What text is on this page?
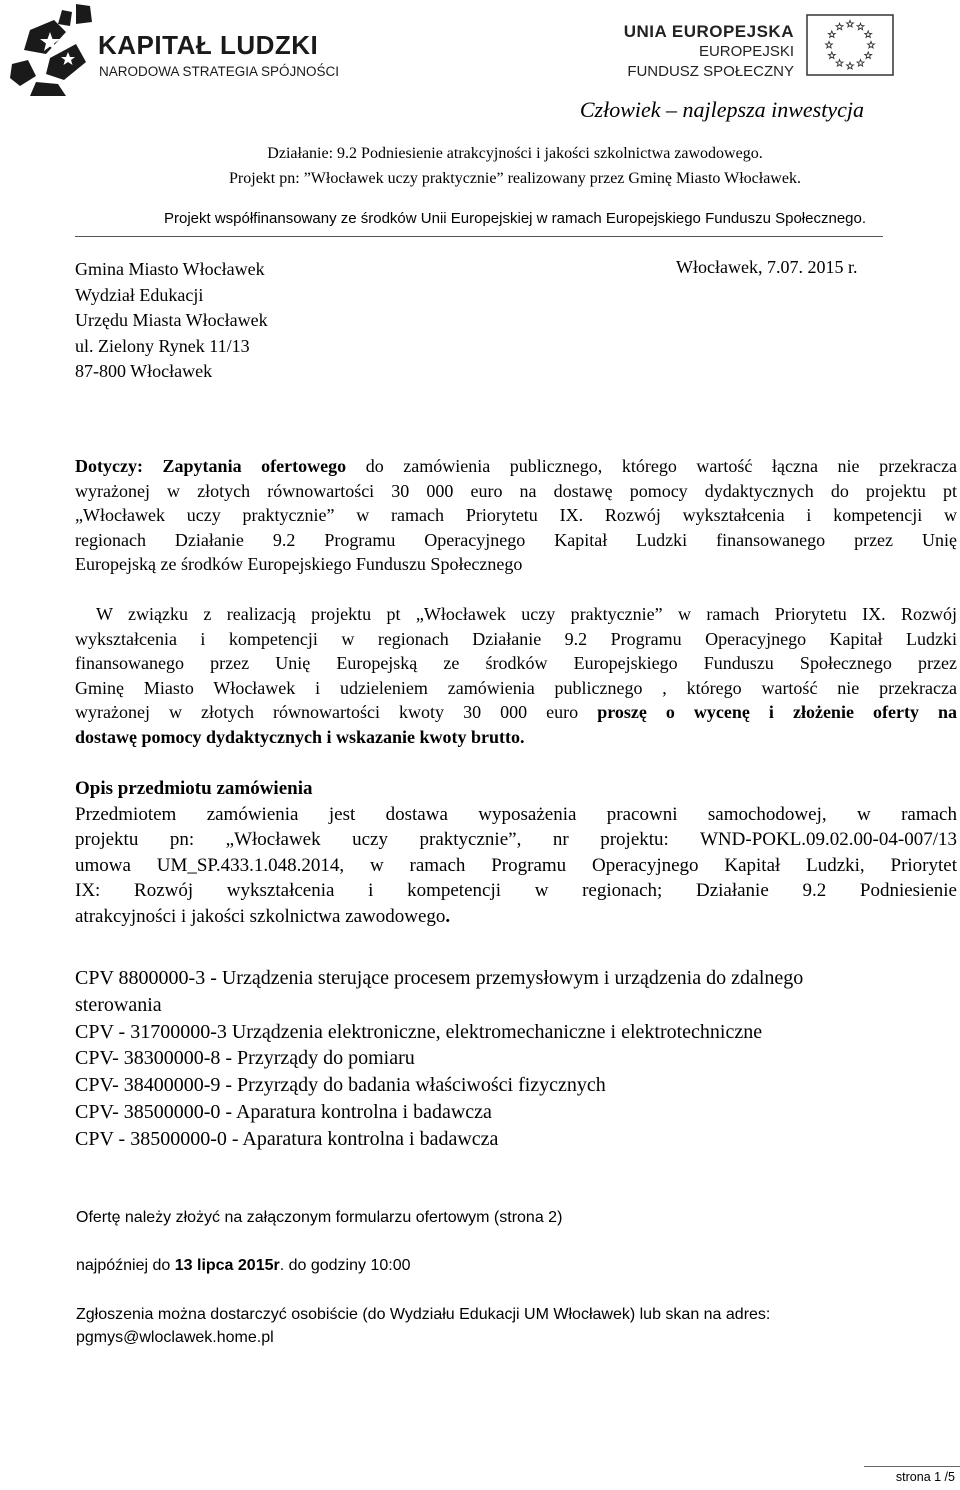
KAPITAŁ LUDZKI
NARODOWA STRATEGIA SPÓJNOŚCI
UNIA EUROPEJSKA
EUROPEJSKI
FUNDUSZ SPOŁECZNY
Człowiek – najlepsza inwestycja
Działanie: 9.2 Podniesienie atrakcyjności i jakości szkolnictwa zawodowego.
Projekt pn: ”Włocławek uczy praktycznie” realizowany przez Gminę Miasto Włocławek.
Projekt współfinansowany ze środków Unii Europejskiej w ramach Europejskiego Funduszu Społecznego.
Gmina Miasto Włocławek
Wydział Edukacji
Urzędu Miasta Włocławek
ul. Zielony Rynek 11/13
87-800 Włocławek
Włocławek, 7.07. 2015 r.
Dotyczy: Zapytania ofertowego do zamówienia publicznego, którego wartość łączna nie przekracza
wyrażonej w złotych równowartości 30 000 euro na dostawę pomocy dydaktycznych do projektu pt
„Włocławek uczy praktycznie” w ramach Priorytetu IX. Rozwój wykształcenia i kompetencji w
regionach Działanie 9.2 Programu Operacyjnego Kapitał Ludzki finansowanego przez Unię
Europejską ze środków Europejskiego Funduszu Społecznego
W związku z realizacją projektu pt „Włocławek uczy praktycznie” w ramach Priorytetu IX. Rozwój
wykształcenia i kompetencji w regionach Działanie 9.2 Programu Operacyjnego Kapitał Ludzki
finansowanego przez Unię Europejską ze środków Europejskiego Funduszu Społecznego przez
Gminę Miasto Włocławek i udzieleniem zamówienia publicznego , którego wartość nie przekracza
wyrażonej w złotych równowartości kwoty 30 000 euro proszę o wycenę i złożenie oferty na
dostawę pomocy dydaktycznych i wskazanie kwoty brutto.
Opis przedmiotu zamówienia
Przedmiotem zamówienia jest dostawa wyposażenia pracowni samochodowej, w ramach
projektu pn: „Włocławek uczy praktycznie”, nr projektu: WND-POKL.09.02.00-04-007/13
umowa UM_SP.433.1.048.2014, w ramach Programu Operacyjnego Kapitał Ludzki, Priorytet
IX: Rozwój wykształcenia i kompetencji w regionach; Działanie 9.2 Podniesienie
atrakcyjności i jakości szkolnictwa zawodowego.
CPV 8800000-3 - Urządzenia sterujące procesem przemysłowym i urządzenia do zdalnego
sterowania
CPV - 31700000-3 Urządzenia elektroniczne, elektromechaniczne i elektrotechniczne
CPV- 38300000-8 - Przyrządy do pomiaru
CPV- 38400000-9 - Przyrządy do badania właściwości fizycznych
CPV- 38500000-0 - Aparatura kontrolna i badawcza
CPV - 38500000-0 - Aparatura kontrolna i badawcza
Ofertę należy złożyć na załączonym formularzu ofertowym (strona 2)
najpóźniej do 13 lipca 2015r. do godziny 10:00
Zgłoszenia można dostarczyć osobiście (do Wydziału Edukacji UM Włocławek) lub skan na adres:
pgmys@wloclawek.home.pl
strona 1 /5
